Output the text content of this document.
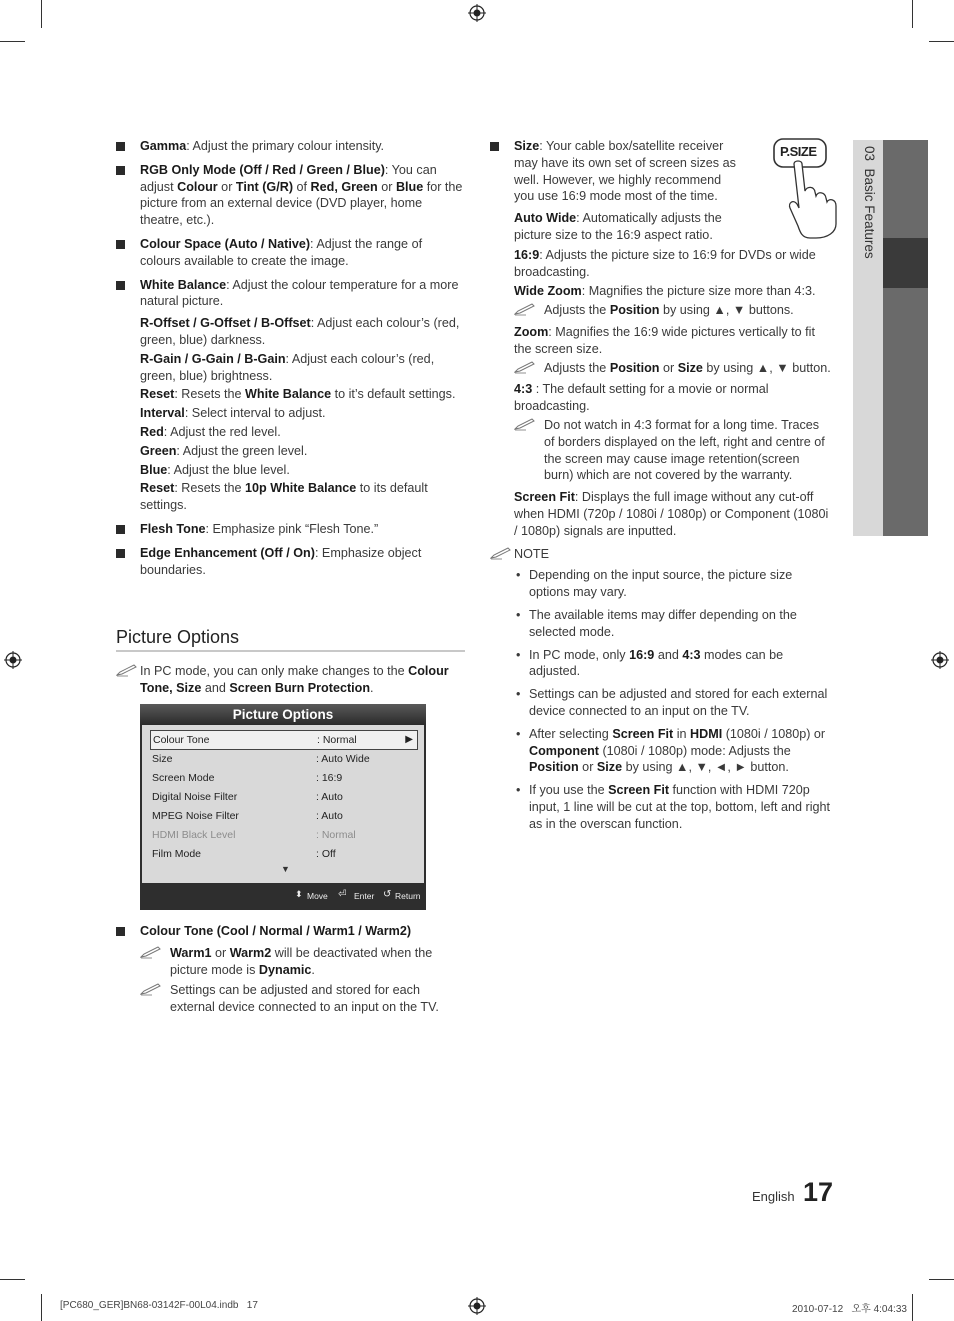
03  Basic Features
Gamma: Adjust the primary colour intensity.
RGB Only Mode (Off / Red / Green / Blue): You can adjust Colour or Tint (G/R) of Red, Green or Blue for the picture from an external device (DVD player, home theatre, etc.).
Colour Space (Auto / Native): Adjust the range of colours available to create the image.
White Balance: Adjust the colour temperature for a more natural picture.
R-Offset / G-Offset / B-Offset: Adjust each colour’s (red, green, blue) darkness.
R-Gain / G-Gain / B-Gain: Adjust each colour’s (red, green, blue) brightness.
Reset: Resets the White Balance to it’s default settings.
Interval: Select interval to adjust.
Red: Adjust the red level.
Green: Adjust the green level.
Blue: Adjust the blue level.
Reset: Resets the 10p White Balance to its default settings.
Flesh Tone: Emphasize pink “Flesh Tone.”
Edge Enhancement (Off / On): Emphasize object boundaries.
Picture Options
In PC mode, you can only make changes to the Colour Tone, Size and Screen Burn Protection.
Picture Options
Colour Tone	: Normal	▶
Size	: Auto Wide
Screen Mode	: 16:9
Digital Noise Filter	: Auto
MPEG Noise Filter	: Auto
HDMI Black Level	: Normal
Film Mode	: Off
▼
⬍ Move ⏎ Enter ↺ Return
Colour Tone (Cool / Normal / Warm1 / Warm2)
Warm1 or Warm2 will be deactivated when the picture mode is Dynamic.
Settings can be adjusted and stored for each external device connected to an input on the TV.
P.SIZE
Size: Your cable box/satellite receiver may have its own set of screen sizes as well. However, we highly recommend you use 16:9 mode most of the time.
Auto Wide: Automatically adjusts the picture size to the 16:9 aspect ratio.
16:9: Adjusts the picture size to 16:9 for DVDs or wide broadcasting.
Wide Zoom: Magnifies the picture size more than 4:3.
Adjusts the Position by using ▲, ▼ buttons.
Zoom: Magnifies the 16:9 wide pictures vertically to fit the screen size.
Adjusts the Position or Size by using ▲, ▼ button.
4:3 : The default setting for a movie or normal broadcasting.
Do not watch in 4:3 format for a long time. Traces of borders displayed on the left, right and centre of the screen may cause image retention(screen burn) which are not covered by the warranty.
Screen Fit: Displays the full image without any cut-off when HDMI (720p / 1080i / 1080p) or Component (1080i / 1080p) signals are inputted.
NOTE
• Depending on the input source, the picture size options may vary.
• The available items may differ depending on the selected mode.
• In PC mode, only 16:9 and 4:3 modes can be adjusted.
• Settings can be adjusted and stored for each external device connected to an input on the TV.
• After selecting Screen Fit in HDMI (1080i / 1080p) or Component (1080i / 1080p) mode: Adjusts the Position or Size by using ▲, ▼, ◄, ► button.
• If you use the Screen Fit function with HDMI 720p input, 1 line will be cut at the top, bottom, left and right as in the overscan function.
English 17
[PC680_GER]BN68-03142F-00L04.indb   17	2010-07-12   오후 4:04:33
